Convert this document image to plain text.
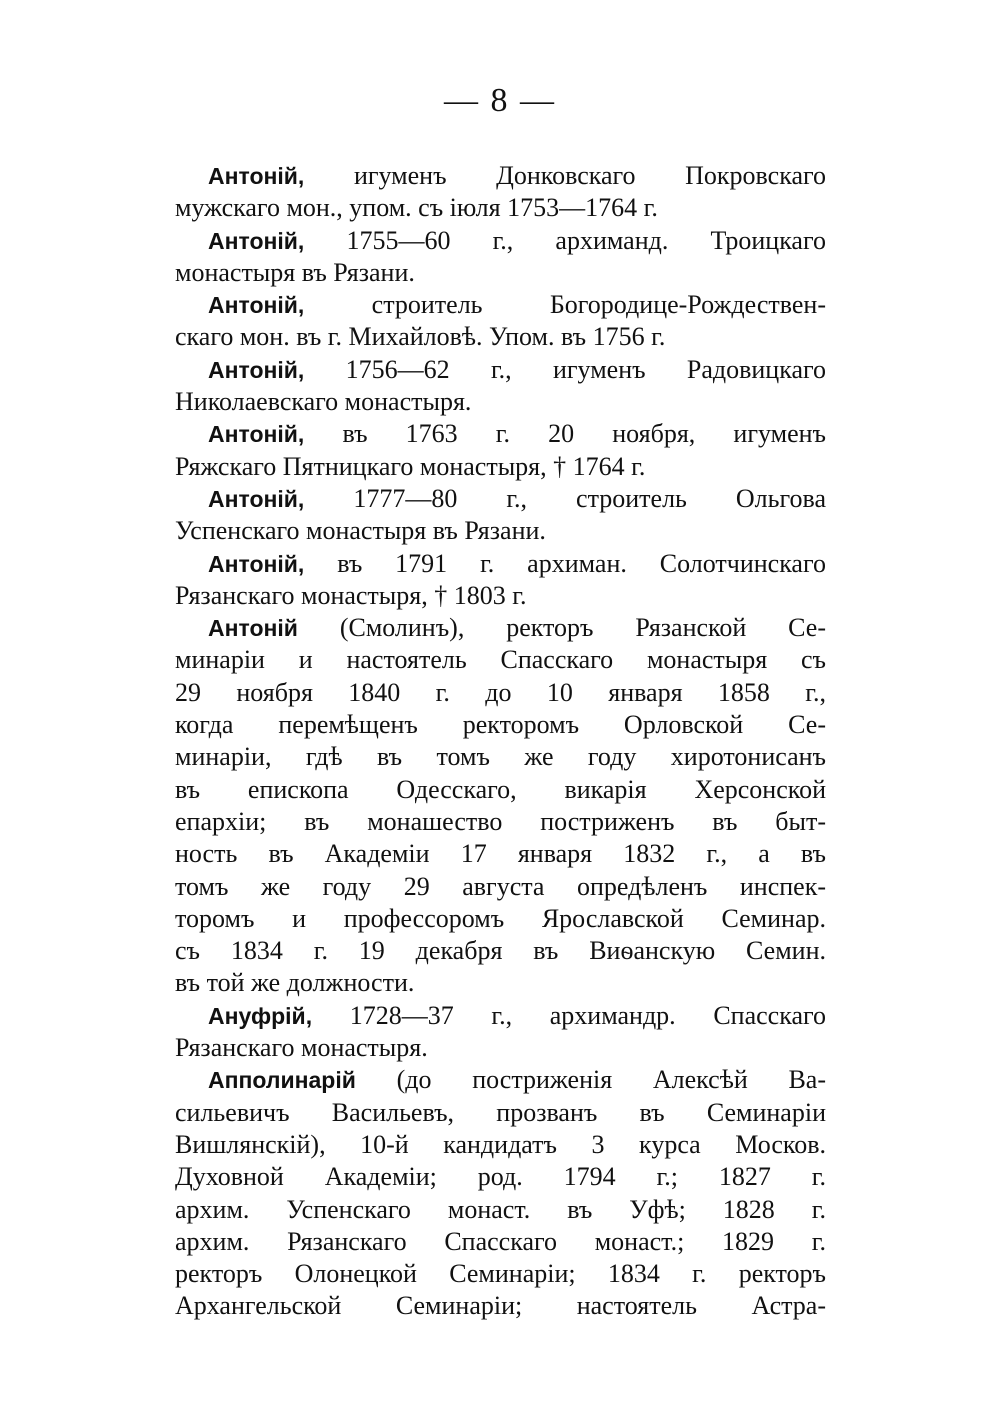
— 8 —
Антоній, игуменъ Донковскаго Покровскаго
мужскаго мон., упом. съ іюля 1753—1764 г.
Антоній, 1755—60 г., архиманд. Троицкаго
монастыря въ Рязани.
Антоній,	строитель Богородице-Рождествен-
скаго мон. въ г. Михайловѣ. Упом. въ 1756 г.
Антоній, 1756—62 г., игуменъ Радовицкаго
Николаевскаго монастыря.
Антоній, въ 1763 г. 20 ноября, игуменъ
Ряжскаго Пятницкаго монастыря, † 1764 г.
Антоній, 1777—80 г., строитель Ольгова
Успенскаго монастыря въ Рязани.
Антоній, въ 1791 г. архиман. Солотчинскаго
Рязанскаго монастыря, † 1803 г.
Антоній (Смолинъ), ректоръ Рязанской Се-
минаріи и настоятель Спасскаго монастыря съ
29 ноября 1840 г. до 10 января 1858 г.,
когда перемѣщенъ ректоромъ Орловской Се-
минаріи, гдѣ въ томъ же году хиротонисанъ
въ епископа Одесскаго, викарія Херсонской
епархіи; въ монашество постриженъ въ быт-
ность въ Академіи 17 января 1832 г., а въ
томъ же году 29 августа опредѣленъ инспек-
торомъ и профессоромъ Ярославской Семинар.
съ 1834 г. 19 декабря въ Виѳанскую Семин.
въ той же должности.
Ануфрій, 1728—37 г., архимандр. Спасскаго
Рязанскаго монастыря.
Апполинарій (до постриженія Алексѣй Ва-
сильевичъ Васильевъ, прозванъ въ Семинаріи
Вишлянскій), 10-й кандидатъ 3 курса Москов.
Духовной Академіи; род. 1794 г.; 1827 г.
архим. Успенскаго монаст. въ Уфѣ; 1828 г.
архим. Рязанскаго Спасскаго монаст.; 1829 г.
ректоръ Олонецкой Семинаріи; 1834 г. ректоръ
Архангельской Семинаріи; настоятель Астра-
